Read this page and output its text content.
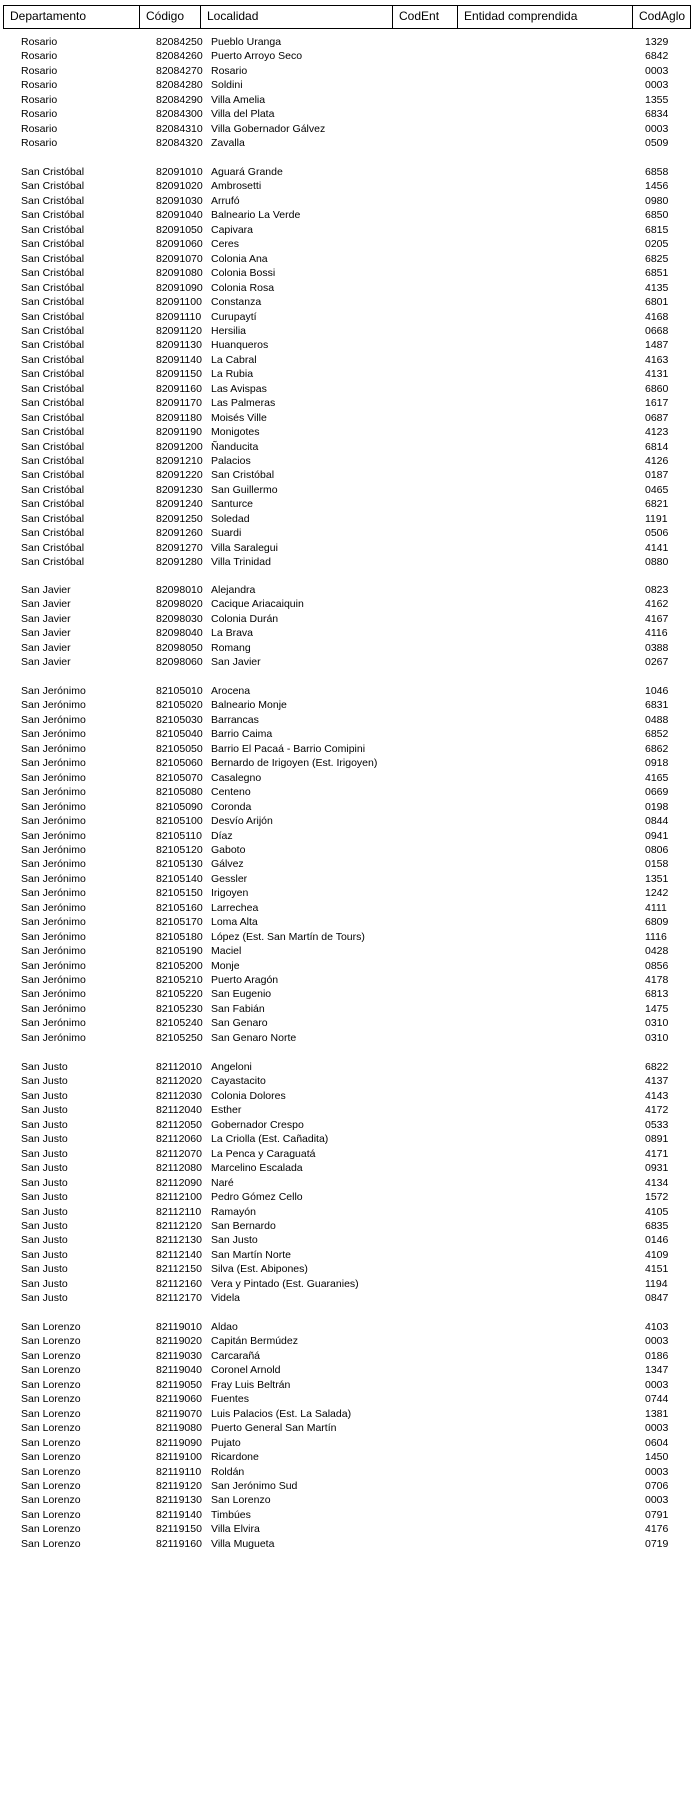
Departamento	Código	Localidad	CodEnt	Entidad comprendida	CodAglo
Rosario	82084250 Pueblo Uranga	1329
Rosario	82084260 Puerto Arroyo Seco	6842
Rosario	82084270 Rosario	0003
Rosario	82084280 Soldini	0003
Rosario	82084290 Villa Amelia	1355
Rosario	82084300 Villa del Plata	6834
Rosario	82084310 Villa Gobernador Gálvez	0003
Rosario	82084320 Zavalla	0509
San Cristóbal	82091010 Aguará Grande	6858
San Cristóbal	82091020 Ambrosetti	1456
San Cristóbal	82091030 Arrufó	0980
San Cristóbal	82091040 Balneario La Verde	6850
San Cristóbal	82091050 Capivara	6815
San Cristóbal	82091060 Ceres	0205
San Cristóbal	82091070 Colonia Ana	6825
San Cristóbal	82091080 Colonia Bossi	6851
San Cristóbal	82091090 Colonia Rosa	4135
San Cristóbal	82091100 Constanza	6801
San Cristóbal	82091110 Curupaytí	4168
San Cristóbal	82091120 Hersilia	0668
San Cristóbal	82091130 Huanqueros	1487
San Cristóbal	82091140 La Cabral	4163
San Cristóbal	82091150 La Rubia	4131
San Cristóbal	82091160 Las Avispas	6860
San Cristóbal	82091170 Las Palmeras	1617
San Cristóbal	82091180 Moisés Ville	0687
San Cristóbal	82091190 Monigotes	4123
San Cristóbal	82091200 Ñanducita	6814
San Cristóbal	82091210 Palacios	4126
San Cristóbal	82091220 San Cristóbal	0187
San Cristóbal	82091230 San Guillermo	0465
San Cristóbal	82091240 Santurce	6821
San Cristóbal	82091250 Soledad	1191
San Cristóbal	82091260 Suardi	0506
San Cristóbal	82091270 Villa Saralegui	4141
San Cristóbal	82091280 Villa Trinidad	0880
San Javier	82098010 Alejandra	0823
San Javier	82098020 Cacique Ariacaiquin	4162
San Javier	82098030 Colonia Durán	4167
San Javier	82098040 La Brava	4116
San Javier	82098050 Romang	0388
San Javier	82098060 San Javier	0267
San Jerónimo	82105010 Arocena	1046
San Jerónimo	82105020 Balneario Monje	6831
San Jerónimo	82105030 Barrancas	0488
San Jerónimo	82105040 Barrio Caima	6852
San Jerónimo	82105050 Barrio El Pacaá - Barrio Comipini	6862
San Jerónimo	82105060 Bernardo de Irigoyen (Est. Irigoyen)	0918
San Jerónimo	82105070 Casalegno	4165
San Jerónimo	82105080 Centeno	0669
San Jerónimo	82105090 Coronda	0198
San Jerónimo	82105100 Desvío Arijón	0844
San Jerónimo	82105110 Díaz	0941
San Jerónimo	82105120 Gaboto	0806
San Jerónimo	82105130 Gálvez	0158
San Jerónimo	82105140 Gessler	1351
San Jerónimo	82105150 Irigoyen	1242
San Jerónimo	82105160 Larrechea	4111
San Jerónimo	82105170 Loma Alta	6809
San Jerónimo	82105180 López (Est. San Martín de Tours)	1116
San Jerónimo	82105190 Maciel	0428
San Jerónimo	82105200 Monje	0856
San Jerónimo	82105210 Puerto Aragón	4178
San Jerónimo	82105220 San Eugenio	6813
San Jerónimo	82105230 San Fabián	1475
San Jerónimo	82105240 San Genaro	0310
San Jerónimo	82105250 San Genaro Norte	0310
San Justo	82112010 Angeloni	6822
San Justo	82112020 Cayastacito	4137
San Justo	82112030 Colonia Dolores	4143
San Justo	82112040 Esther	4172
San Justo	82112050 Gobernador Crespo	0533
San Justo	82112060 La Criolla (Est. Cañadita)	0891
San Justo	82112070 La Penca y Caraguatá	4171
San Justo	82112080 Marcelino Escalada	0931
San Justo	82112090 Naré	4134
San Justo	82112100 Pedro Gómez Cello	1572
San Justo	82112110 Ramayón	4105
San Justo	82112120 San Bernardo	6835
San Justo	82112130 San Justo	0146
San Justo	82112140 San Martín Norte	4109
San Justo	82112150 Silva (Est. Abipones)	4151
San Justo	82112160 Vera y Pintado (Est. Guaranies)	1194
San Justo	82112170 Videla	0847
San Lorenzo	82119010 Aldao	4103
San Lorenzo	82119020 Capitán Bermúdez	0003
San Lorenzo	82119030 Carcarañá	0186
San Lorenzo	82119040 Coronel Arnold	1347
San Lorenzo	82119050 Fray Luis Beltrán	0003
San Lorenzo	82119060 Fuentes	0744
San Lorenzo	82119070 Luis Palacios (Est. La Salada)	1381
San Lorenzo	82119080 Puerto General San Martín	0003
San Lorenzo	82119090 Pujato	0604
San Lorenzo	82119100 Ricardone	1450
San Lorenzo	82119110 Roldán	0003
San Lorenzo	82119120 San Jerónimo Sud	0706
San Lorenzo	82119130 San Lorenzo	0003
San Lorenzo	82119140 Timbúes	0791
San Lorenzo	82119150 Villa Elvira	4176
San Lorenzo	82119160 Villa Mugueta	0719
